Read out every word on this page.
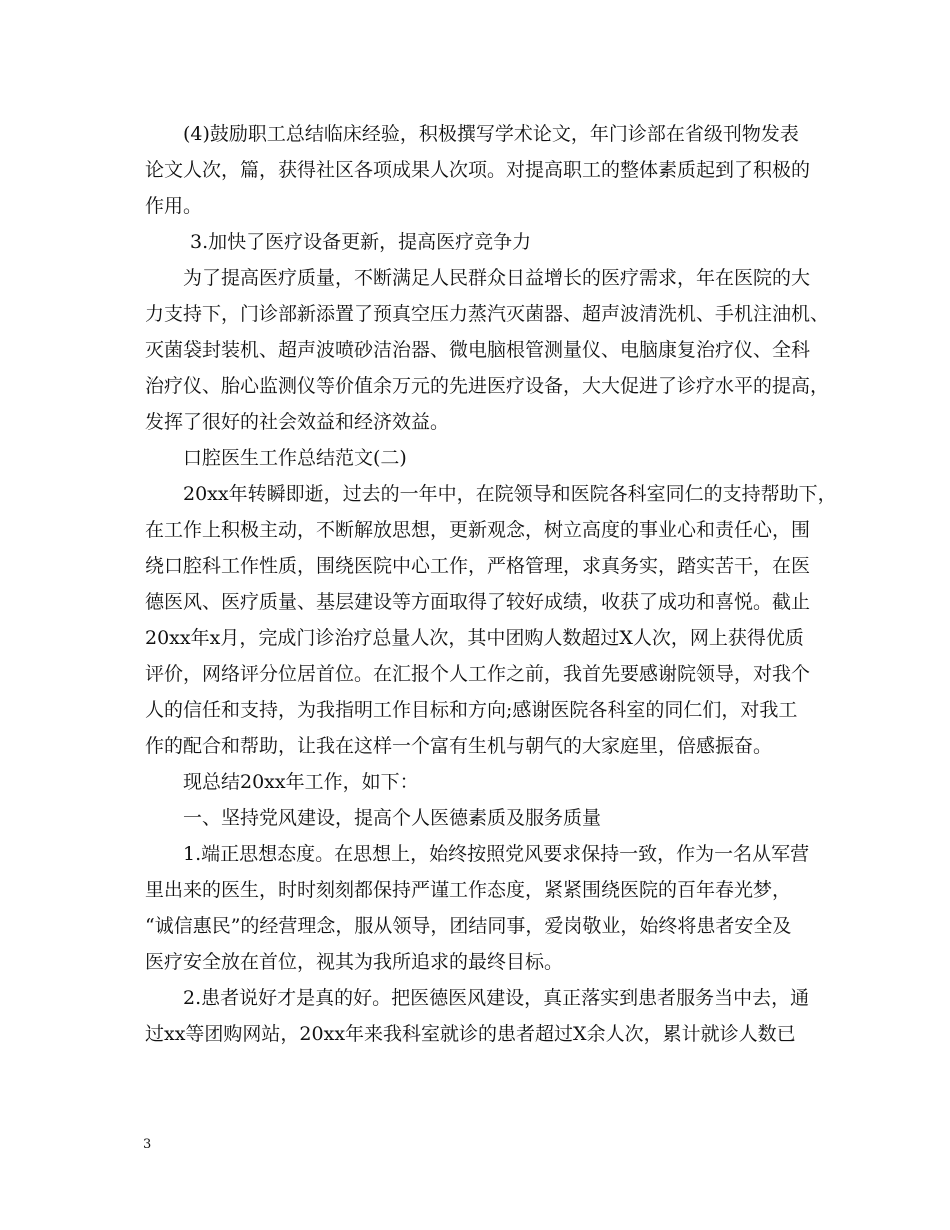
(4)鼓励职工总结临床经验，积极撰写学术论文，年门诊部在省级刊物发表
论文人次，篇，获得社区各项成果人次项。对提高职工的整体素质起到了积极的
作用。
3.加快了医疗设备更新，提高医疗竞争力
为了提高医疗质量，不断满足人民群众日益增长的医疗需求，年在医院的大
力支持下，门诊部新添置了预真空压力蒸汽灭菌器、超声波清洗机、手机注油机、
灭菌袋封装机、超声波喷砂洁治器、微电脑根管测量仪、电脑康复治疗仪、全科
治疗仪、胎心监测仪等价值余万元的先进医疗设备，大大促进了诊疗水平的提高，
发挥了很好的社会效益和经济效益。
口腔医生工作总结范文(二)
20xx年转瞬即逝，过去的一年中，在院领导和医院各科室同仁的支持帮助下，
在工作上积极主动，不断解放思想，更新观念，树立高度的事业心和责任心，围
绕口腔科工作性质，围绕医院中心工作，严格管理，求真务实，踏实苦干，在医
德医风、医疗质量、基层建设等方面取得了较好成绩，收获了成功和喜悦。截止
20xx年x月，完成门诊治疗总量人次，其中团购人数超过X人次，网上获得优质
评价，网络评分位居首位。在汇报个人工作之前，我首先要感谢院领导，对我个
人的信任和支持，为我指明工作目标和方向;感谢医院各科室的同仁们，对我工
作的配合和帮助，让我在这样一个富有生机与朝气的大家庭里，倍感振奋。
现总结20xx年工作，如下：
一、坚持党风建设，提高个人医德素质及服务质量
1.端正思想态度。在思想上，始终按照党风要求保持一致，作为一名从军营
里出来的医生，时时刻刻都保持严谨工作态度，紧紧围绕医院的百年春光梦，
“诚信惠民”的经营理念，服从领导，团结同事，爱岗敬业，始终将患者安全及
医疗安全放在首位，视其为我所追求的最终目标。
2.患者说好才是真的好。把医德医风建设，真正落实到患者服务当中去，通
过xx等团购网站，20xx年来我科室就诊的患者超过X余人次，累计就诊人数已
3
